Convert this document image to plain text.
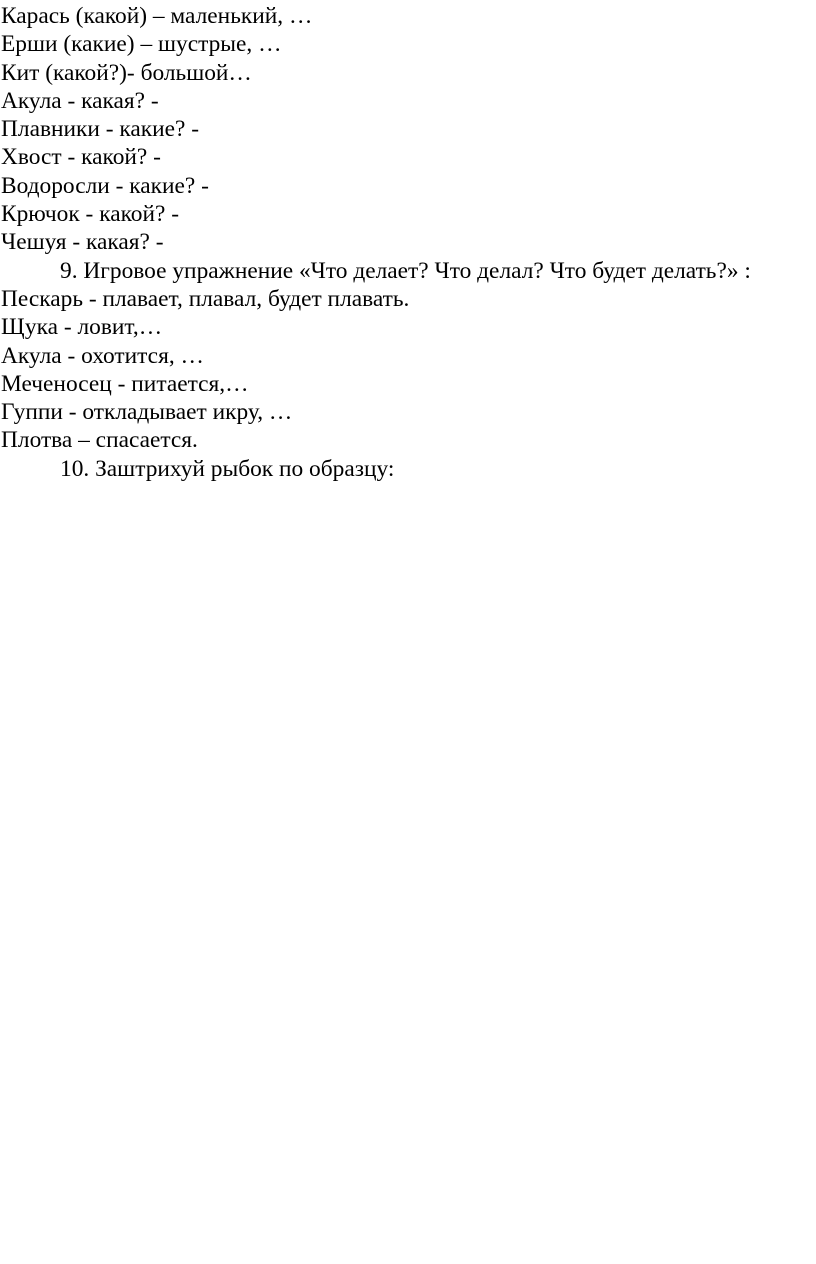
Карась (какой) – маленький, …
Ерши (какие) – шустрые, …
Кит (какой?)- большой…
Акула - какая? -
Плавники - какие? -
Хвост - какой? -
Водоросли - какие? -
Крючок - какой? -
Чешуя - какая? -
9. Игровое упражнение «Что делает? Что делал? Что будет делать?» :
Пескарь - плавает, плавал, будет плавать.
Щука - ловит,…
Акула - охотится, …
Меченосец - питается,…
Гуппи - откладывает икру, …
Плотва – спасается.
10. Заштрихуй рыбок по образцу:
